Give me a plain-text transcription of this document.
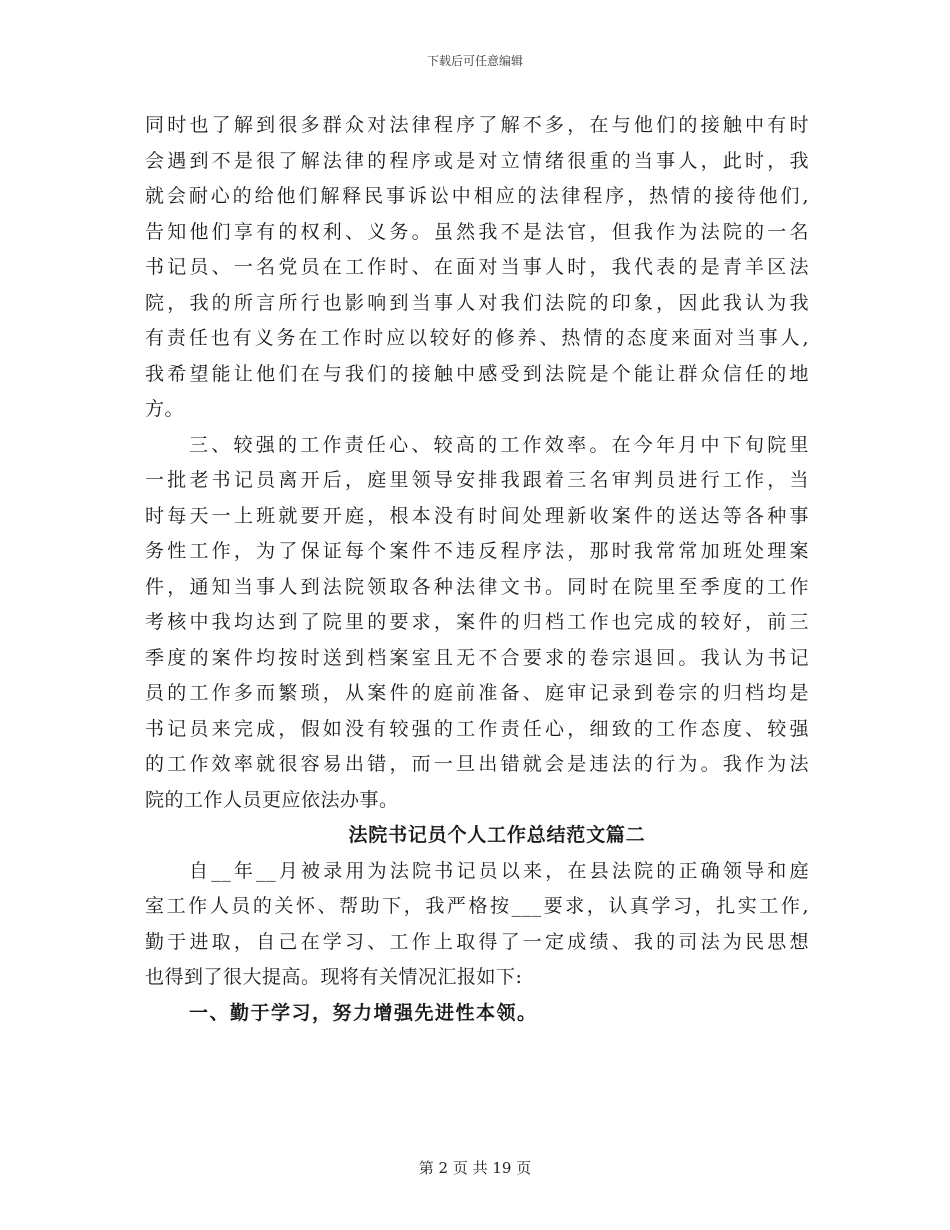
下载后可任意编辑
同时也了解到很多群众对法律程序了解不多，在与他们的接触中有时
会遇到不是很了解法律的程序或是对立情绪很重的当事人，此时，我
就会耐心的给他们解释民事诉讼中相应的法律程序，热情的接待他们,
告知他们享有的权利、义务。虽然我不是法官，但我作为法院的一名
书记员、一名党员在工作时、在面对当事人时，我代表的是青羊区法
院，我的所言所行也影响到当事人对我们法院的印象，因此我认为我
有责任也有义务在工作时应以较好的修养、热情的态度来面对当事人,
我希望能让他们在与我们的接触中感受到法院是个能让群众信任的地
方。
三、较强的工作责任心、较高的工作效率。在今年月中下旬院里
一批老书记员离开后，庭里领导安排我跟着三名审判员进行工作，当
时每天一上班就要开庭，根本没有时间处理新收案件的送达等各种事
务性工作，为了保证每个案件不违反程序法，那时我常常加班处理案
件，通知当事人到法院领取各种法律文书。同时在院里至季度的工作
考核中我均达到了院里的要求，案件的归档工作也完成的较好，前三
季度的案件均按时送到档案室且无不合要求的卷宗退回。我认为书记
员的工作多而繁琐，从案件的庭前准备、庭审记录到卷宗的归档均是
书记员来完成，假如没有较强的工作责任心，细致的工作态度、较强
的工作效率就很容易出错，而一旦出错就会是违法的行为。我作为法
院的工作人员更应依法办事。
法院书记员个人工作总结范文篇二
自__年__月被录用为法院书记员以来，在县法院的正确领导和庭
室工作人员的关怀、帮助下，我严格按___要求，认真学习，扎实工作,
勤于进取，自己在学习、工作上取得了一定成绩、我的司法为民思想
也得到了很大提高。现将有关情况汇报如下:
一、勤于学习，努力增强先进性本领。
第 2 页 共 19 页
